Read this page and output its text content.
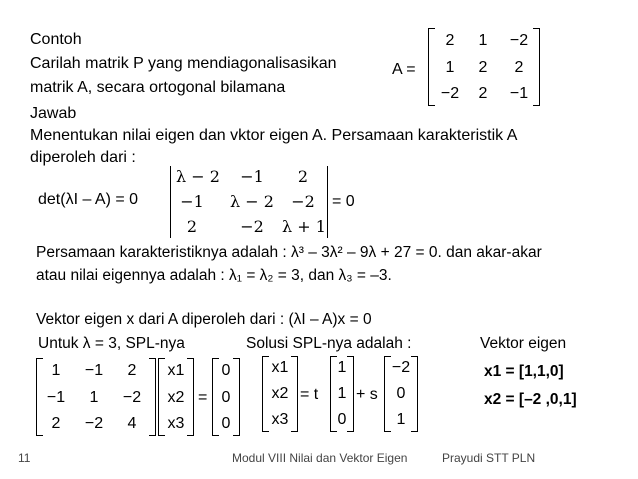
Contoh
Carilah matrik P yang mendiagonalisasikan
matrik A, secara ortogonal bilamana
A =
2	1	−2
1	2	2
−2	2	−1
Jawab
Menentukan nilai eigen dan vktor eigen A. Persamaan karakteristik A
diperoleh dari :
det(λI – A) = 0
λ − 2	−1	2
−1	λ − 2	−2
2	−2	λ + 1
= 0
Persamaan karakteristiknya adalah : λ³ – 3λ² – 9λ + 27 = 0. dan akar-akar
atau nilai eigennya adalah : λ₁ = λ₂ = 3, dan λ₃ = –3.
Vektor eigen x dari A diperoleh dari : (λI – A)x = 0
Untuk λ = 3, SPL-nya	Solusi SPL-nya adalah :	Vektor eigen
1	−1	2
−1	1	−2
2	−2	4
x1
x2
x3
=
0
0
0
x1
x2
x3
= t
1
1
0
+ s
−2
0
1
x1 = [1,1,0]
x2 = [–2 ,0,1]
11	Modul VIII Nilai dan Vektor Eigen	Prayudi STT PLN
